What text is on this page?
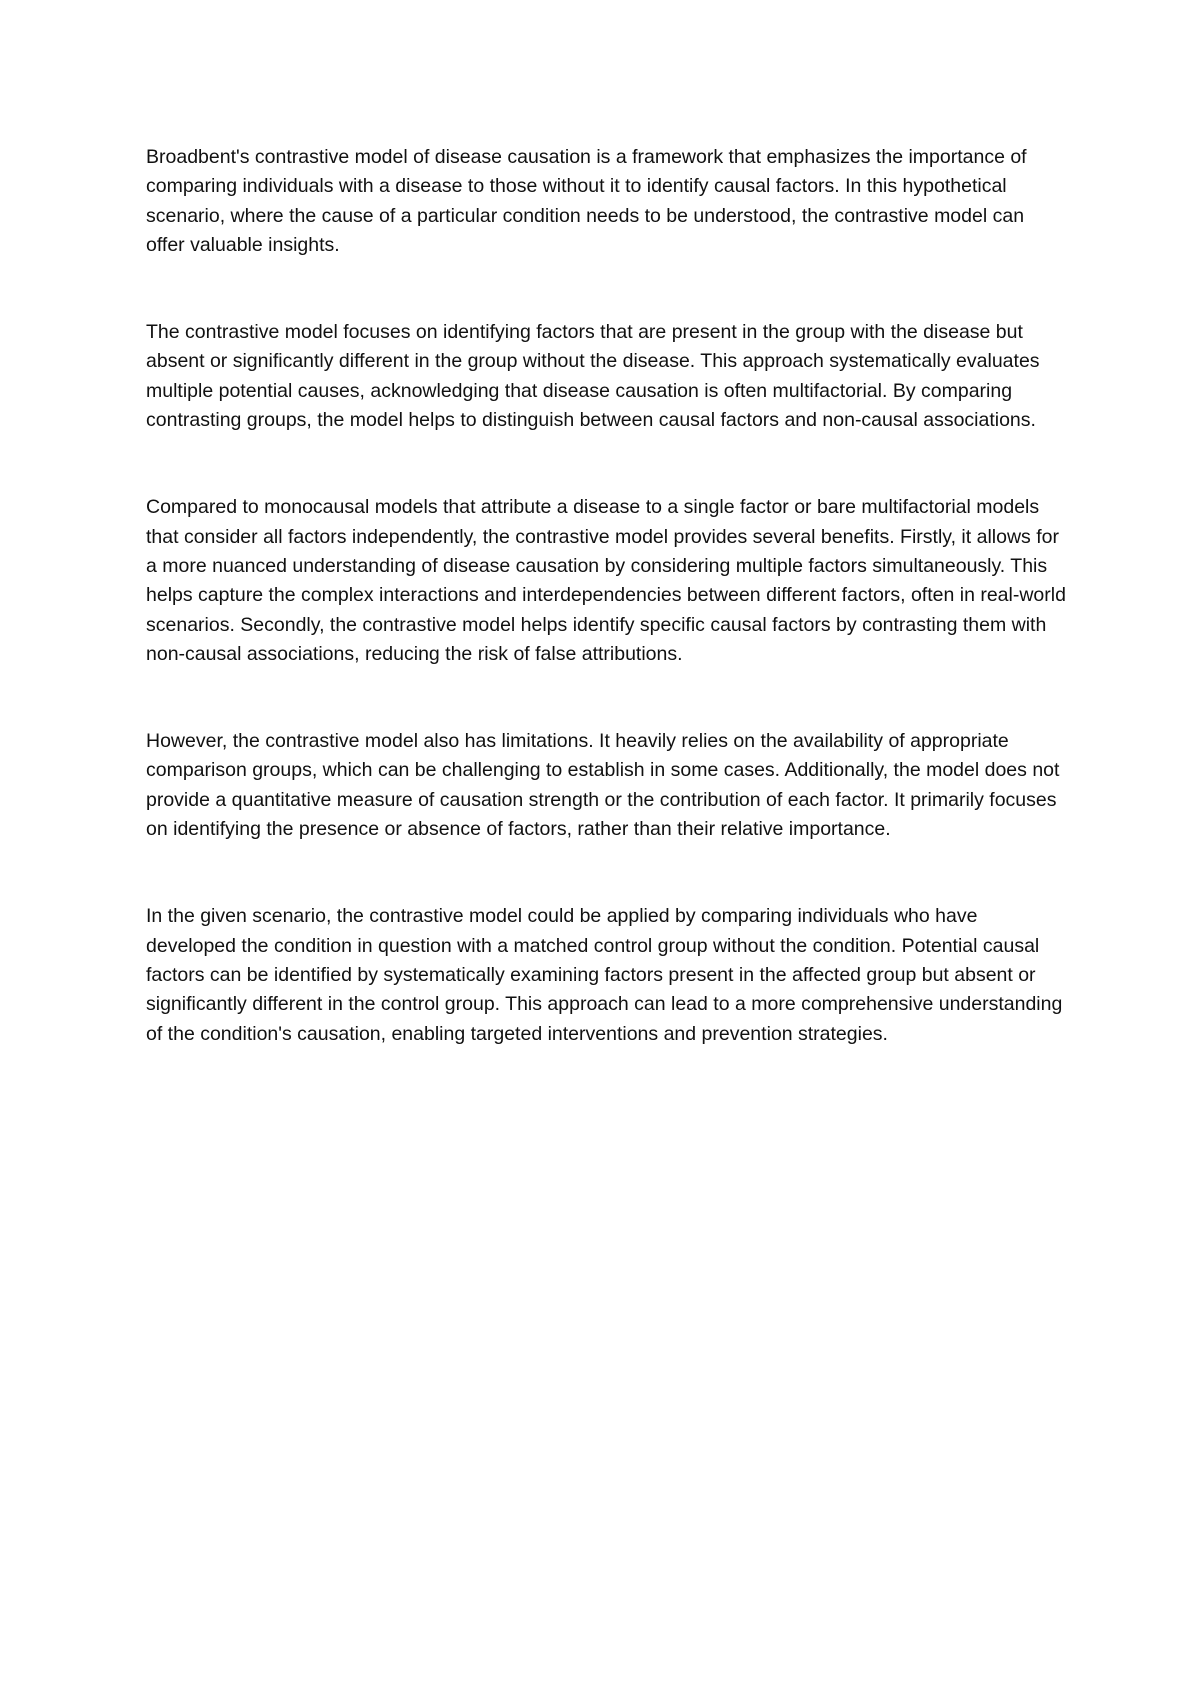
Broadbent's contrastive model of disease causation is a framework that emphasizes the importance of comparing individuals with a disease to those without it to identify causal factors. In this hypothetical scenario, where the cause of a particular condition needs to be understood, the contrastive model can offer valuable insights.

The contrastive model focuses on identifying factors that are present in the group with the disease but absent or significantly different in the group without the disease. This approach systematically evaluates multiple potential causes, acknowledging that disease causation is often multifactorial. By comparing contrasting groups, the model helps to distinguish between causal factors and non-causal associations.

Compared to monocausal models that attribute a disease to a single factor or bare multifactorial models that consider all factors independently, the contrastive model provides several benefits. Firstly, it allows for a more nuanced understanding of disease causation by considering multiple factors simultaneously. This helps capture the complex interactions and interdependencies between different factors, often in real-world scenarios. Secondly, the contrastive model helps identify specific causal factors by contrasting them with non-causal associations, reducing the risk of false attributions.

However, the contrastive model also has limitations. It heavily relies on the availability of appropriate comparison groups, which can be challenging to establish in some cases. Additionally, the model does not provide a quantitative measure of causation strength or the contribution of each factor. It primarily focuses on identifying the presence or absence of factors, rather than their relative importance.

In the given scenario, the contrastive model could be applied by comparing individuals who have developed the condition in question with a matched control group without the condition. Potential causal factors can be identified by systematically examining factors present in the affected group but absent or significantly different in the control group. This approach can lead to a more comprehensive understanding of the condition's causation, enabling targeted interventions and prevention strategies.
